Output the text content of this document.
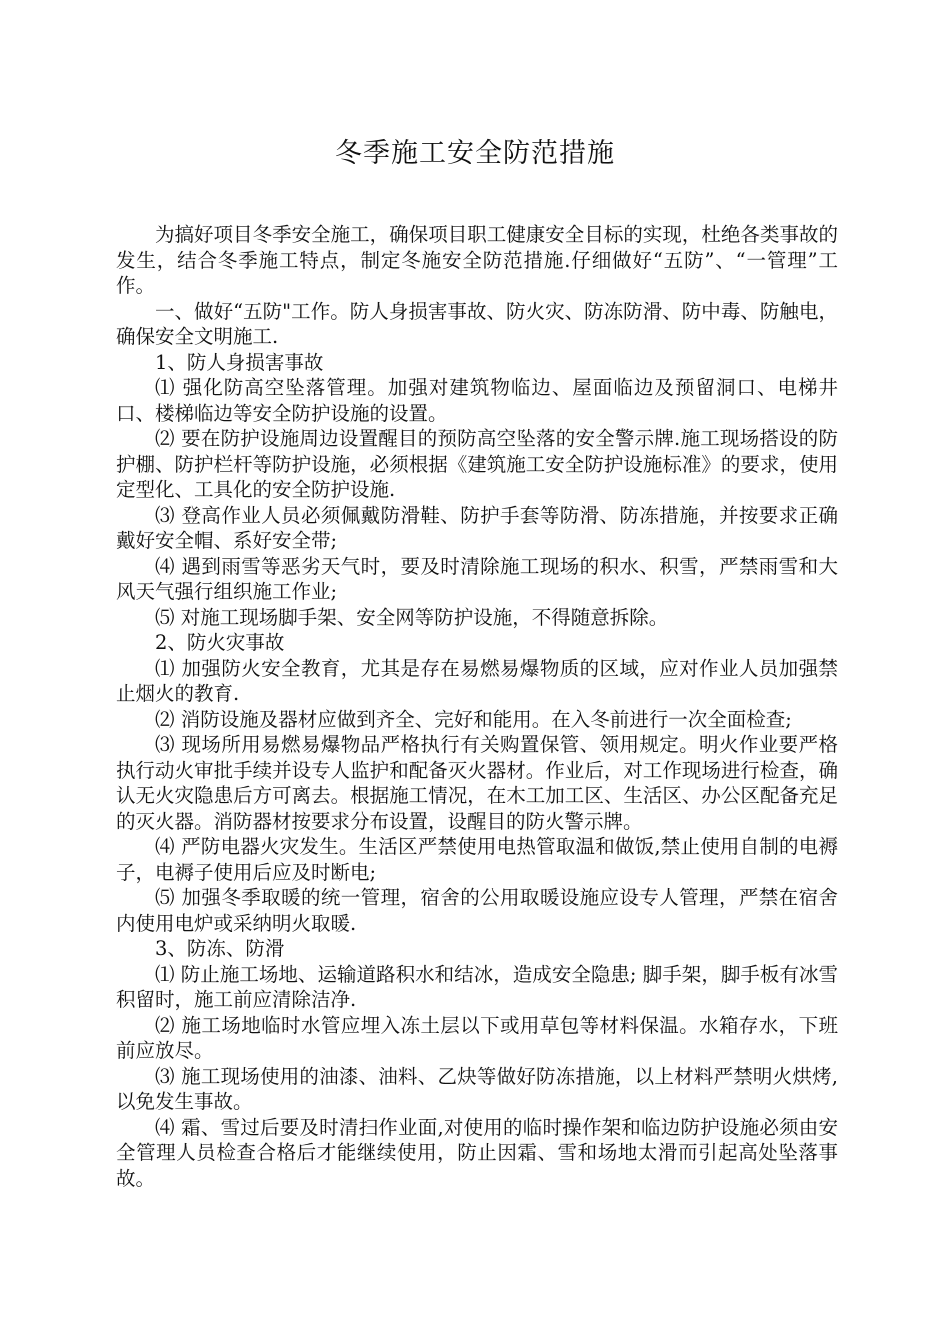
冬季施工安全防范措施

为搞好项目冬季安全施工，确保项目职工健康安全目标的实现，杜绝各类事故的发生，结合冬季施工特点，制定冬施安全防范措施.仔细做好“五防”、“一管理”工作。

一、做好“五防"工作。防人身损害事故、防火灾、防冻防滑、防中毒、防触电，确保安全文明施工.

1、防人身损害事故

⑴ 强化防高空坠落管理。加强对建筑物临边、屋面临边及预留洞口、电梯井口、楼梯临边等安全防护设施的设置。

⑵ 要在防护设施周边设置醒目的预防高空坠落的安全警示牌.施工现场搭设的防护棚、防护栏杆等防护设施，必须根据《建筑施工安全防护设施标准》的要求，使用定型化、工具化的安全防护设施.

⑶ 登高作业人员必须佩戴防滑鞋、防护手套等防滑、防冻措施，并按要求正确戴好安全帽、系好安全带;

⑷ 遇到雨雪等恶劣天气时，要及时清除施工现场的积水、积雪，严禁雨雪和大风天气强行组织施工作业;

⑸ 对施工现场脚手架、安全网等防护设施，不得随意拆除。

2、防火灾事故

⑴ 加强防火安全教育，尤其是存在易燃易爆物质的区域，应对作业人员加强禁止烟火的教育.

⑵ 消防设施及器材应做到齐全、完好和能用。在入冬前进行一次全面检查;

⑶ 现场所用易燃易爆物品严格执行有关购置保管、领用规定。明火作业要严格执行动火审批手续并设专人监护和配备灭火器材。作业后，对工作现场进行检查，确认无火灾隐患后方可离去。根据施工情况，在木工加工区、生活区、办公区配备充足的灭火器。消防器材按要求分布设置，设醒目的防火警示牌。

⑷ 严防电器火灾发生。生活区严禁使用电热管取温和做饭,禁止使用自制的电褥子，电褥子使用后应及时断电;

⑸ 加强冬季取暖的统一管理，宿舍的公用取暖设施应设专人管理，严禁在宿舍内使用电炉或采纳明火取暖.

3、防冻、防滑

⑴ 防止施工场地、运输道路积水和结冰，造成安全隐患; 脚手架，脚手板有冰雪积留时，施工前应清除洁净.

⑵ 施工场地临时水管应埋入冻土层以下或用草包等材料保温。水箱存水，下班前应放尽。

⑶ 施工现场使用的油漆、油料、乙炔等做好防冻措施，以上材料严禁明火烘烤,以免发生事故。

⑷ 霜、雪过后要及时清扫作业面,对使用的临时操作架和临边防护设施必须由安全管理人员检查合格后才能继续使用，防止因霜、雪和场地太滑而引起高处坠落事故。
